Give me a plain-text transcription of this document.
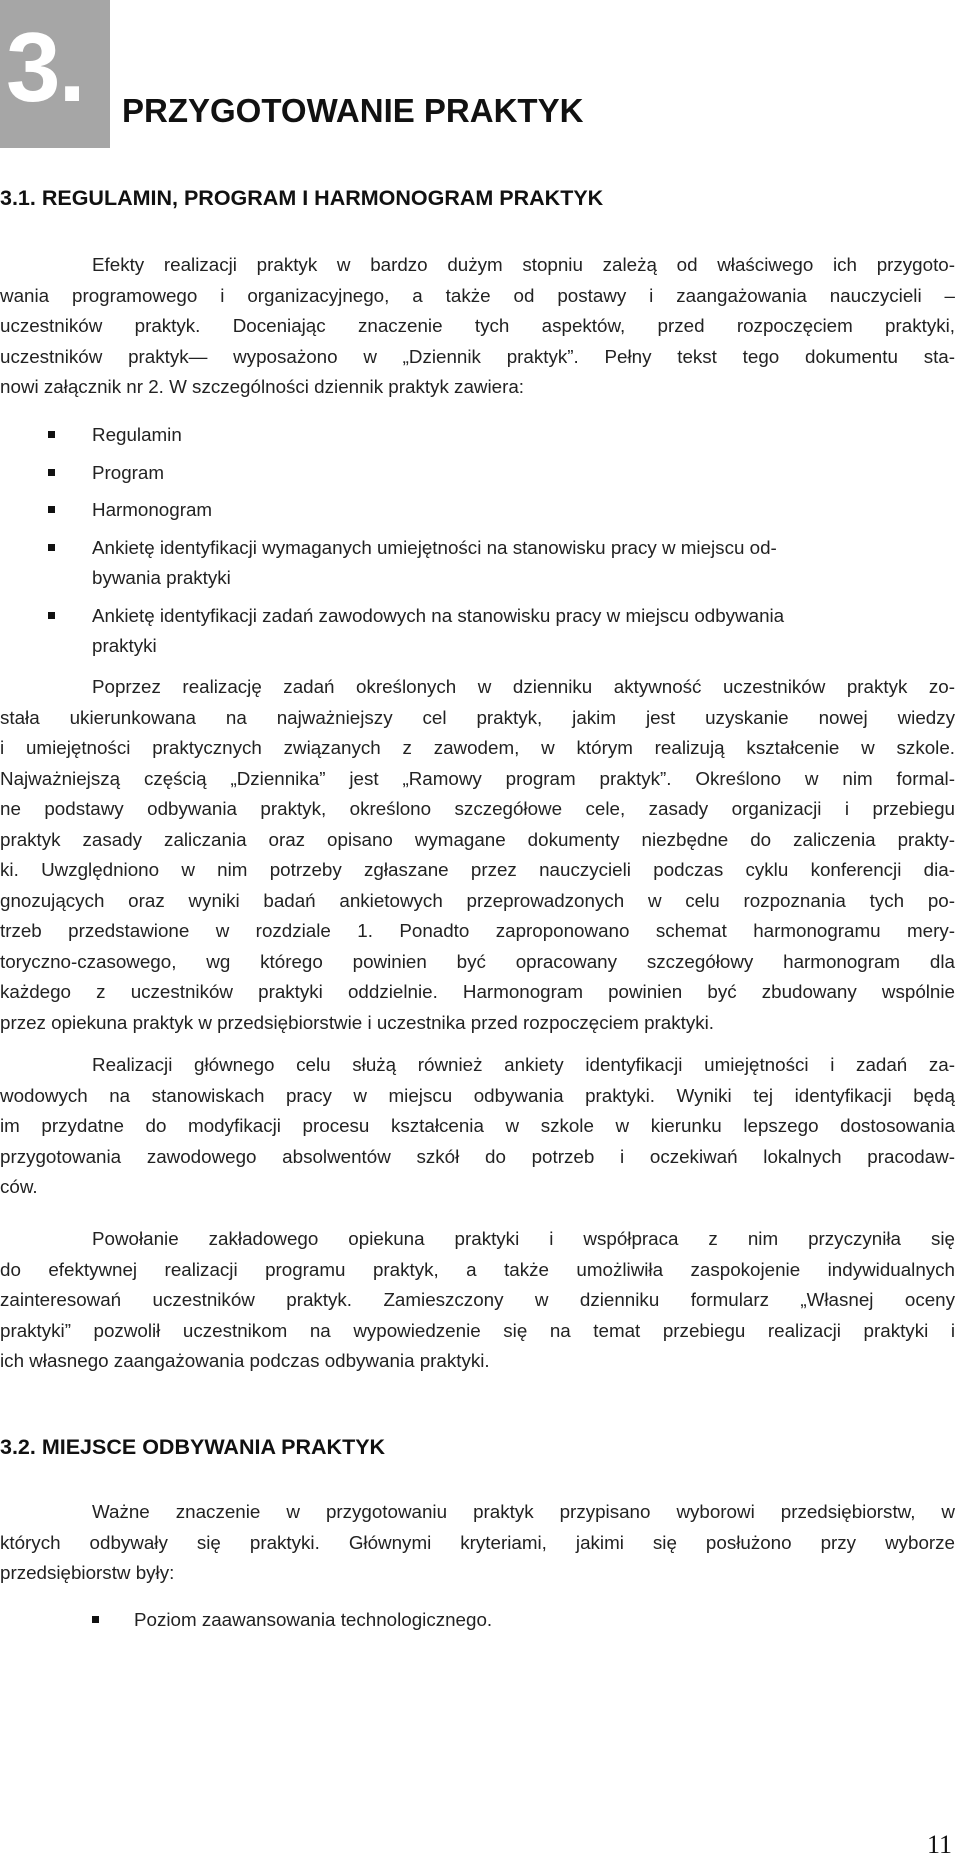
3. PRZYGOTOWANIE PRAKTYK
3.1. REGULAMIN, PROGRAM I HARMONOGRAM PRAKTYK
Efekty realizacji praktyk w bardzo dużym stopniu zależą od właściwego ich przygoto-
wania programowego i organizacyjnego, a także od postawy i zaangażowania nauczycieli –
uczestników praktyk. Doceniając znaczenie tych aspektów, przed rozpoczęciem praktyki,
uczestników praktyk— wyposażono w „Dziennik praktyk”. Pełny tekst tego dokumentu sta-
nowi załącznik nr 2. W szczególności dziennik praktyk zawiera:
Regulamin
Program
Harmonogram
Ankietę identyfikacji wymaganych umiejętności na stanowisku pracy w miejscu od-
bywania praktyki
Ankietę identyfikacji zadań zawodowych na stanowisku pracy w miejscu odbywania
praktyki
Poprzez realizację zadań określonych w dzienniku aktywność uczestników praktyk zo-
stała ukierunkowana na najważniejszy cel praktyk, jakim jest uzyskanie nowej wiedzy
i umiejętności praktycznych związanych z zawodem, w którym realizują kształcenie w szkole.
Najważniejszą częścią „Dziennika” jest „Ramowy program praktyk”. Określono w nim formal-
ne podstawy odbywania praktyk, określono szczegółowe cele, zasady organizacji i przebiegu
praktyk zasady zaliczania oraz opisano wymagane dokumenty niezbędne do zaliczenia prakty-
ki. Uwzględniono w nim potrzeby zgłaszane przez nauczycieli podczas cyklu konferencji dia-
gnozujących oraz wyniki badań ankietowych przeprowadzonych w celu rozpoznania tych po-
trzeb przedstawione w rozdziale 1. Ponadto zaproponowano schemat harmonogramu mery-
toryczno-czasowego, wg którego powinien być opracowany szczegółowy harmonogram dla
każdego z uczestników praktyki oddzielnie. Harmonogram powinien być zbudowany wspólnie
przez opiekuna praktyk w przedsiębiorstwie i uczestnika przed rozpoczęciem praktyki.
Realizacji głównego celu służą również ankiety identyfikacji umiejętności i zadań za-
wodowych na stanowiskach pracy w miejscu odbywania praktyki. Wyniki tej identyfikacji będą
im przydatne do modyfikacji procesu kształcenia w szkole w kierunku lepszego dostosowania
przygotowania zawodowego absolwentów szkół do potrzeb i oczekiwań lokalnych pracodaw-
ców.
Powołanie zakładowego opiekuna praktyki i współpraca z nim przyczyniła się
do efektywnej realizacji programu praktyk, a także umożliwiła zaspokojenie indywidualnych
zainteresowań uczestników praktyk. Zamieszczony w dzienniku formularz „Własnej oceny
praktyki” pozwolił uczestnikom na wypowiedzenie się na temat przebiegu realizacji praktyki i
ich własnego zaangażowania podczas odbywania praktyki.
3.2. MIEJSCE ODBYWANIA PRAKTYK
Ważne znaczenie w przygotowaniu praktyk przypisano wyborowi przedsiębiorstw, w
których odbywały się praktyki. Głównymi kryteriami, jakimi się posłużono przy wyborze
przedsiębiorstw były:
Poziom zaawansowania technologicznego.
11
